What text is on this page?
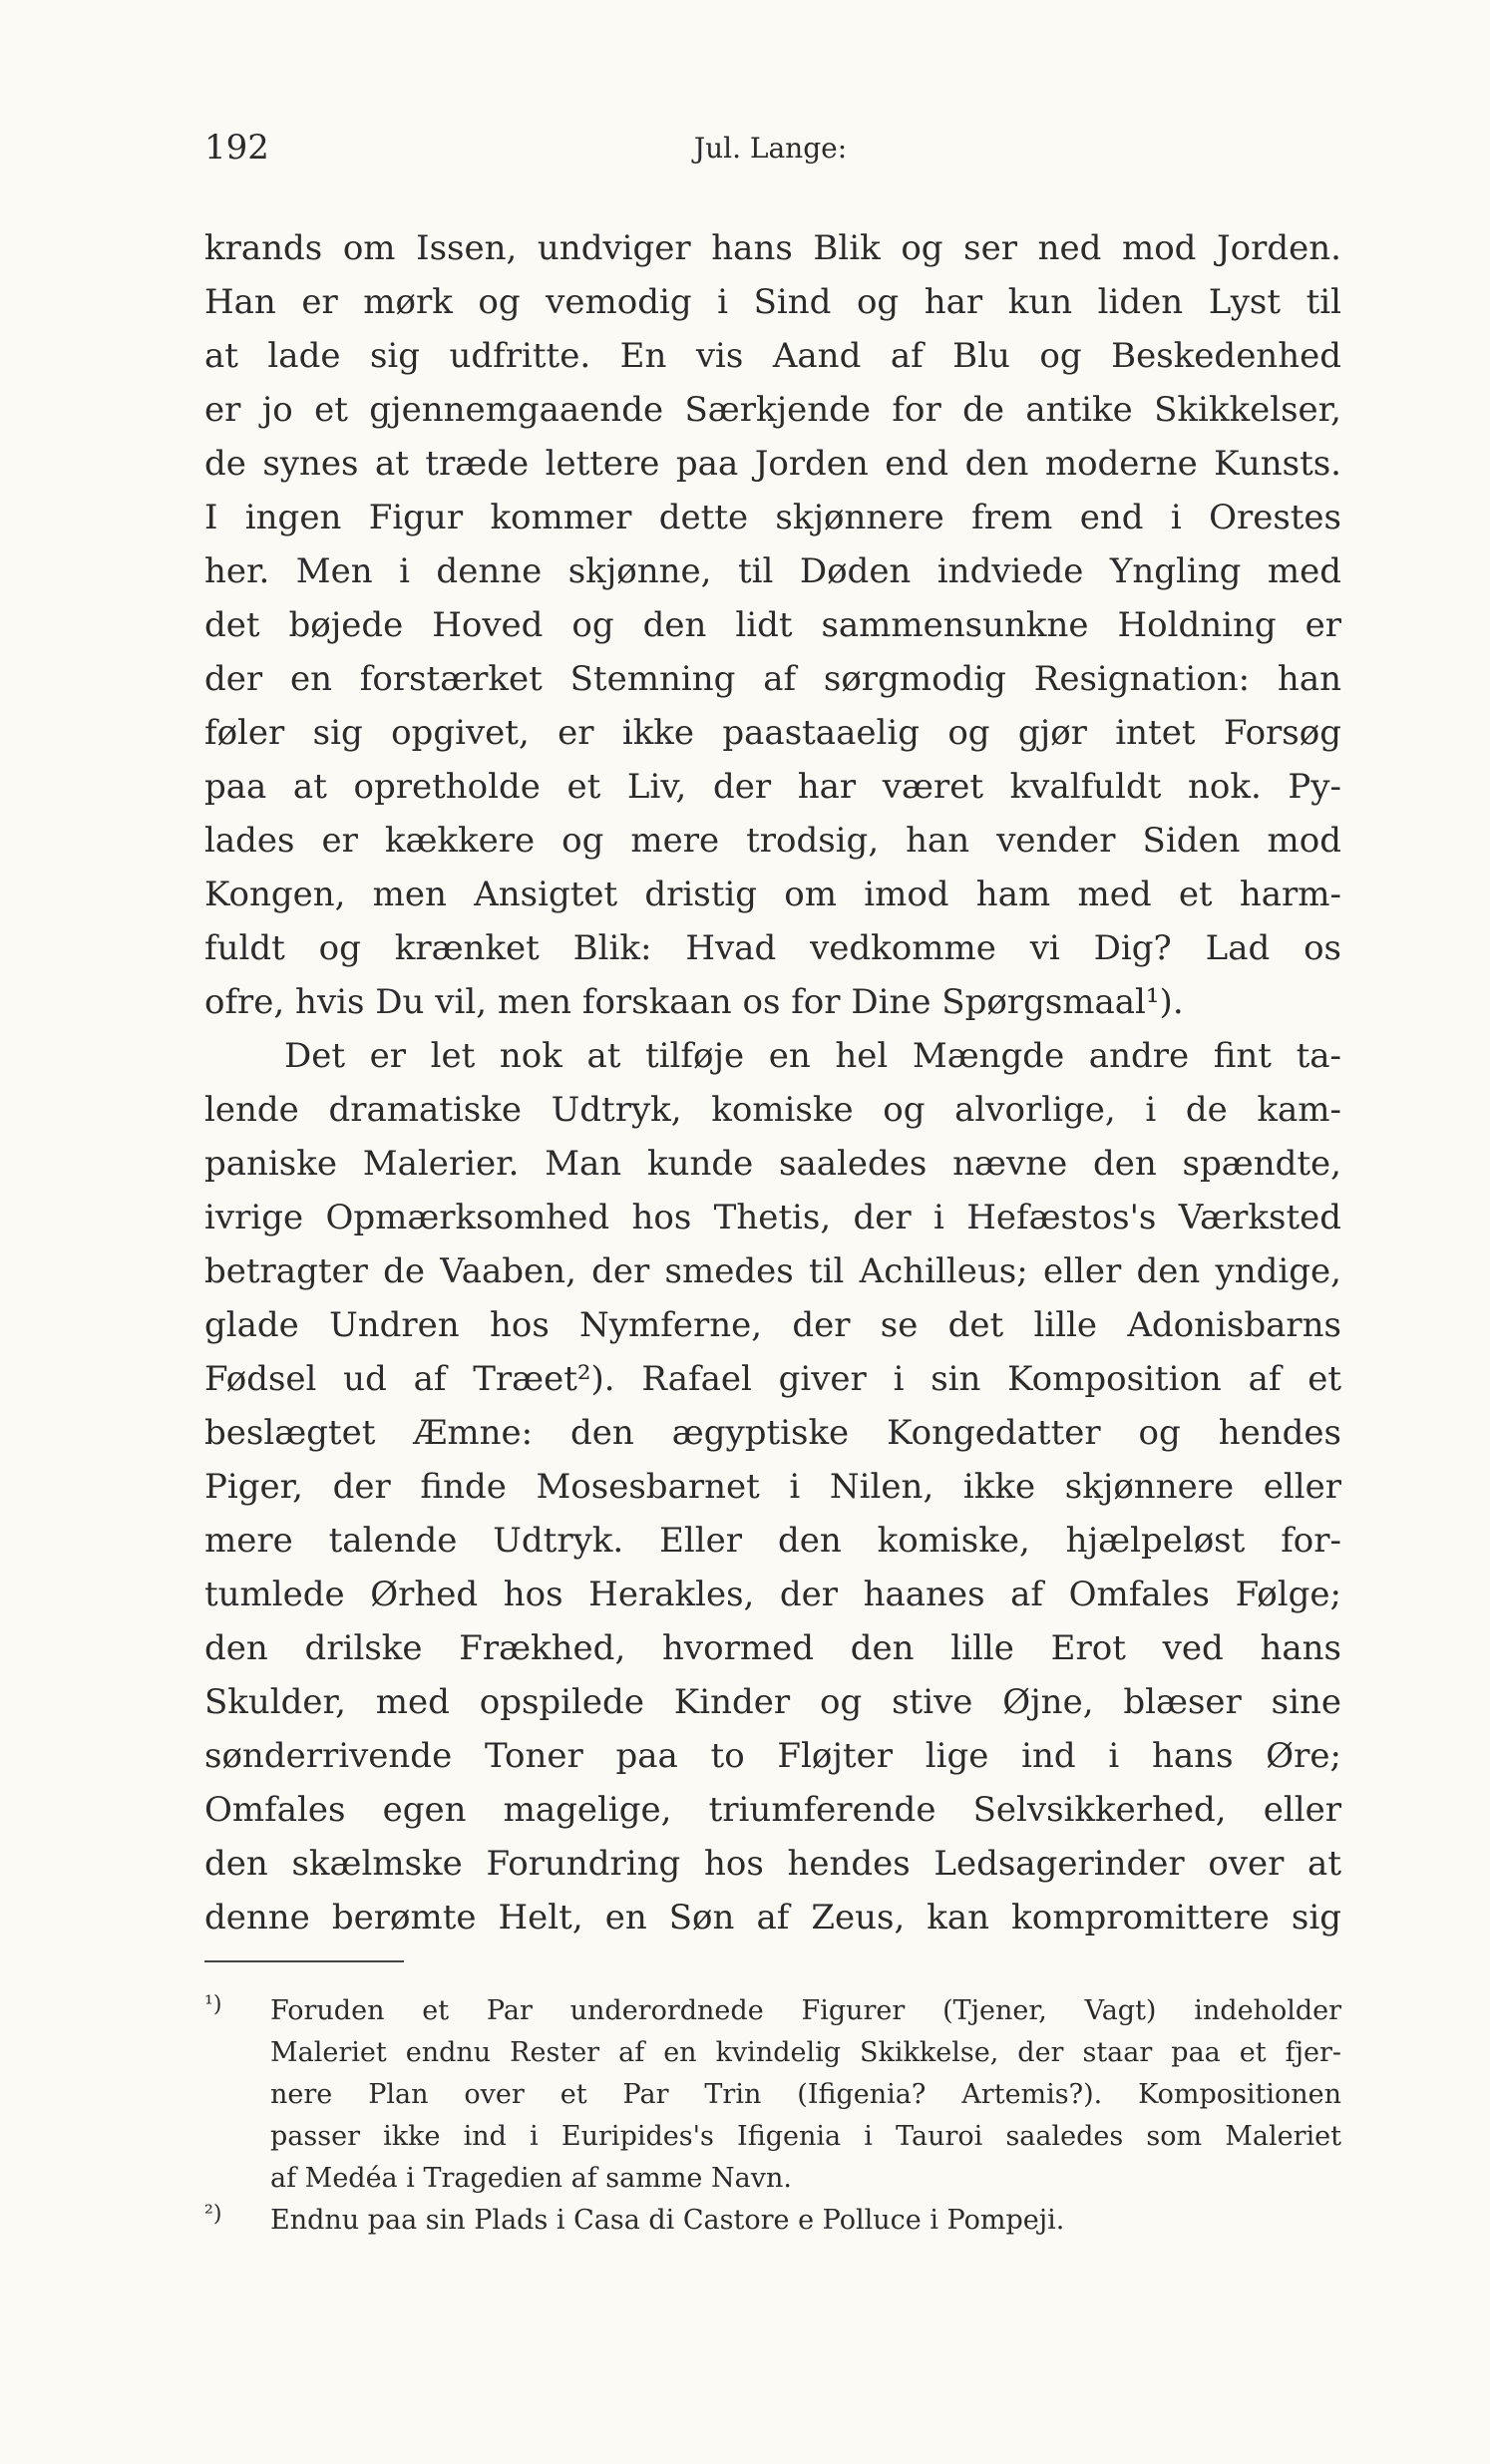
192	Jul. Lange:
krands om Issen, undviger hans Blik og ser ned mod Jorden.
Han er mørk og vemodig i Sind og har kun liden Lyst til
at lade sig udfritte. En vis Aand af Blu og Beskedenhed
er jo et gjennemgaaende Særkjende for de antike Skikkelser,
de synes at træde lettere paa Jorden end den moderne Kunsts.
I ingen Figur kommer dette skjønnere frem end i Orestes
her. Men i denne skjønne, til Døden indviede Yngling med
det bøjede Hoved og den lidt sammensunkne Holdning er
der en forstærket Stemning af sørgmodig Resignation: han
føler sig opgivet, er ikke paastaaelig og gjør intet Forsøg
paa at opretholde et Liv, der har været kvalfuldt nok. Py-
lades er kækkere og mere trodsig, han vender Siden mod
Kongen, men Ansigtet dristig om imod ham med et harm-
fuldt og krænket Blik: Hvad vedkomme vi Dig? Lad os
ofre, hvis Du vil, men forskaan os for Dine Spørgsmaal¹).
Det er let nok at tilføje en hel Mængde andre fint ta-
lende dramatiske Udtryk, komiske og alvorlige, i de kam-
paniske Malerier. Man kunde saaledes nævne den spændte,
ivrige Opmærksomhed hos Thetis, der i Hefæstos's Værksted
betragter de Vaaben, der smedes til Achilleus; eller den yndige,
glade Undren hos Nymferne, der se det lille Adonisbarns
Fødsel ud af Træet²). Rafael giver i sin Komposition af et
beslægtet Æmne: den ægyptiske Kongedatter og hendes
Piger, der finde Mosesbarnet i Nilen, ikke skjønnere eller
mere talende Udtryk. Eller den komiske, hjælpeløst for-
tumlede Ørhed hos Herakles, der haanes af Omfales Følge;
den drilske Frækhed, hvormed den lille Erot ved hans
Skulder, med opspilede Kinder og stive Øjne, blæser sine
sønderrivende Toner paa to Fløjter lige ind i hans Øre;
Omfales egen magelige, triumferende Selvsikkerhed, eller
den skælmske Forundring hos hendes Ledsagerinder over at
denne berømte Helt, en Søn af Zeus, kan kompromittere sig
¹) Foruden et Par underordnede Figurer (Tjener, Vagt) indeholder
Maleriet endnu Rester af en kvindelig Skikkelse, der staar paa et fjer-
nere Plan over et Par Trin (Ifigenia? Artemis?). Kompositionen
passer ikke ind i Euripides's Ifigenia i Tauroi saaledes som Maleriet
af Medéa i Tragedien af samme Navn.
²) Endnu paa sin Plads i Casa di Castore e Polluce i Pompeji.
